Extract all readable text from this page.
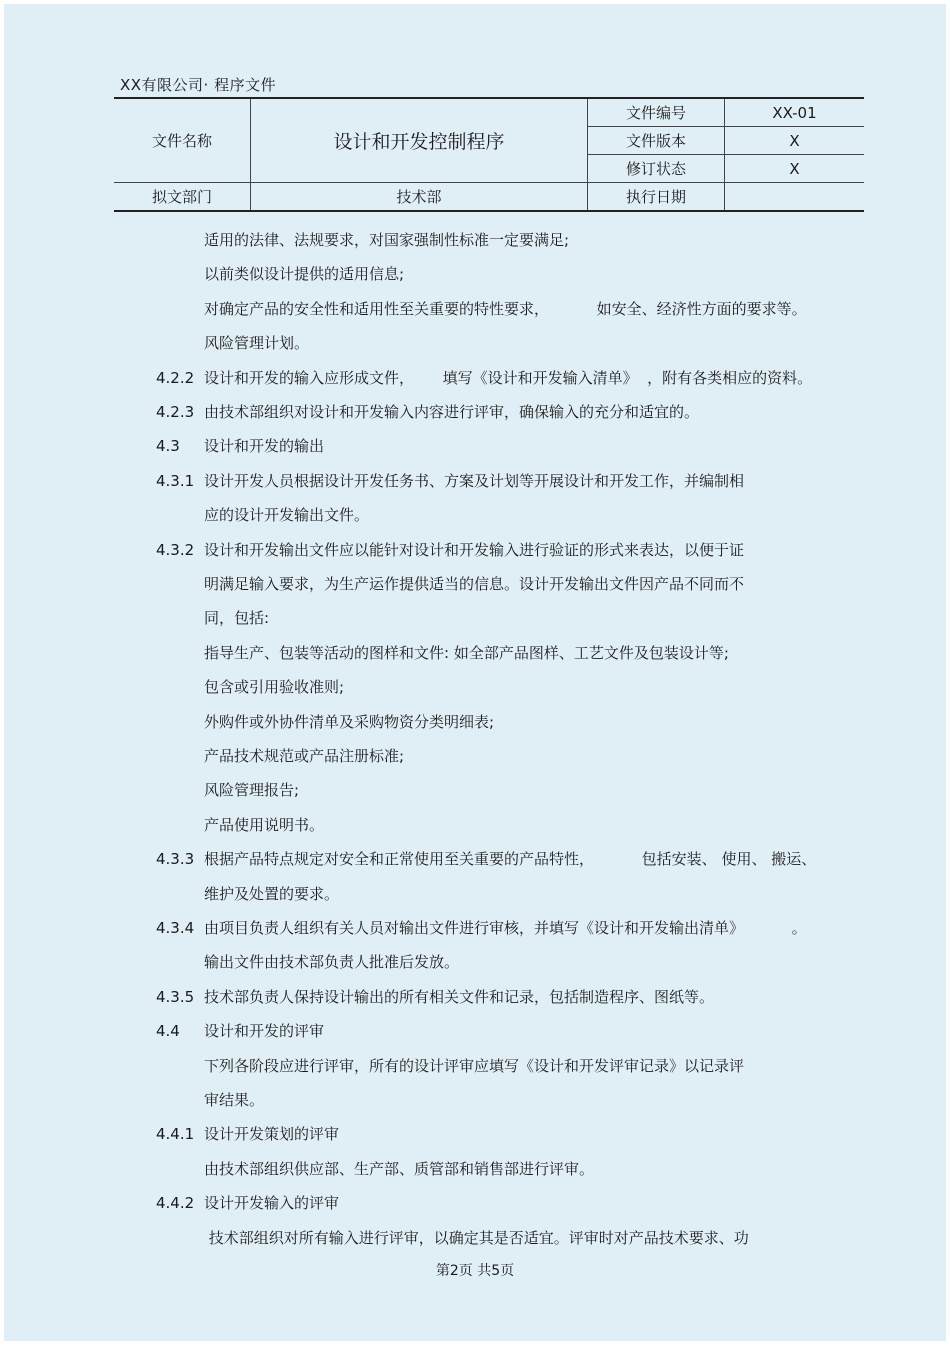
XX有限公司· 程序文件
文件名称	设计和开发控制程序	文件编号	XX-01
		文件版本	X
		修订状态	X
拟文部门	技术部	执行日期	
适用的法律、法规要求，对国家强制性标准一定要满足;
以前类似设计提供的适用信息;
对确定产品的安全性和适用性至关重要的特性要求，          如安全、经济性方面的要求等。
风险管理计划。
4.2.2 设计和开发的输入应形成文件，      填写《设计和开发输入清单》  ，附有各类相应的资料。
4.2.3 由技术部组织对设计和开发输入内容进行评审，确保输入的充分和适宜的。
4.3	设计和开发的输出
4.3.1 设计开发人员根据设计开发任务书、方案及计划等开展设计和开发工作，并编制相
应的设计开发输出文件。
4.3.2 设计和开发输出文件应以能针对设计和开发输入进行验证的形式来表达，以便于证
明满足输入要求，为生产运作提供适当的信息。设计开发输出文件因产品不同而不
同，包括:
指导生产、包装等活动的图样和文件: 如全部产品图样、工艺文件及包装设计等;
包含或引用验收准则;
外购件或外协件清单及采购物资分类明细表;
产品技术规范或产品注册标准;
风险管理报告;
产品使用说明书。
4.3.3 根据产品特点规定对安全和正常使用至关重要的产品特性，          包括安装、 使用、 搬运、
维护及处置的要求。
4.3.4 由项目负责人组织有关人员对输出文件进行审核，并填写《设计和开发输出清单》          。
输出文件由技术部负责人批准后发放。
4.3.5 技术部负责人保持设计输出的所有相关文件和记录，包括制造程序、图纸等。
4.4	设计和开发的评审
下列各阶段应进行评审，所有的设计评审应填写《设计和开发评审记录》以记录评
审结果。
4.4.1 设计开发策划的评审
由技术部组织供应部、生产部、质管部和销售部进行评审。
4.4.2 设计开发输入的评审
技术部组织对所有输入进行评审，以确定其是否适宜。评审时对产品技术要求、功
第2页 共5页
